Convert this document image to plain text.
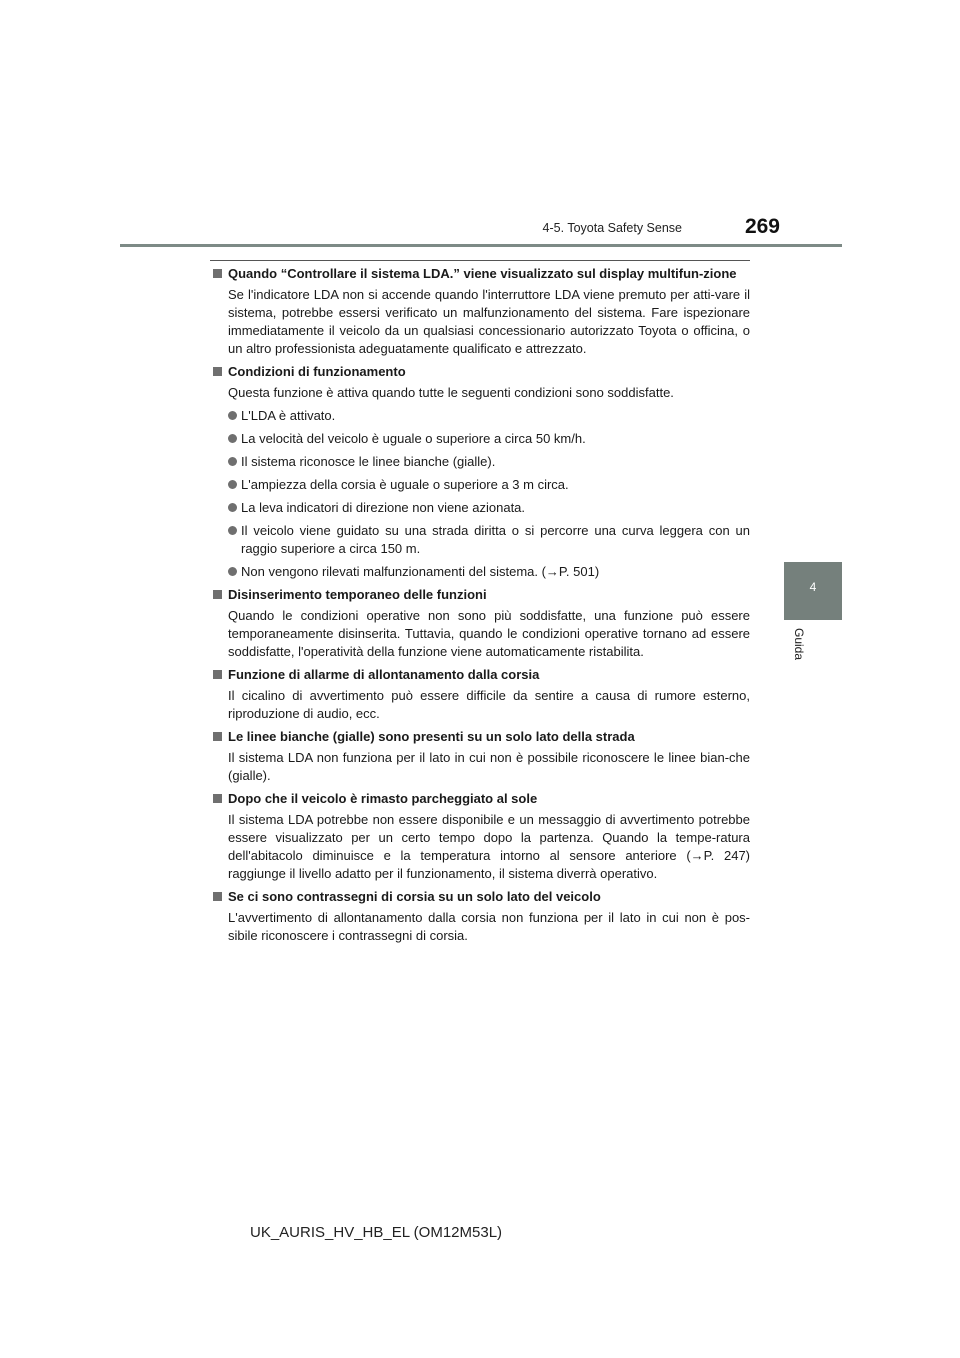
4-5. Toyota Safety Sense	269
4
Guida
Quando “Controllare il sistema LDA.” viene visualizzato sul display multifun-zione
Se l'indicatore LDA non si accende quando l'interruttore LDA viene premuto per atti-vare il sistema, potrebbe essersi verificato un malfunzionamento del sistema. Fare ispezionare immediatamente il veicolo da un qualsiasi concessionario autorizzato Toyota o officina, o un altro professionista adeguatamente qualificato e attrezzato.
Condizioni di funzionamento
Questa funzione è attiva quando tutte le seguenti condizioni sono soddisfatte.
L'LDA è attivato.
La velocità del veicolo è uguale o superiore a circa 50 km/h.
Il sistema riconosce le linee bianche (gialle).
L'ampiezza della corsia è uguale o superiore a 3 m circa.
La leva indicatori di direzione non viene azionata.
Il veicolo viene guidato su una strada diritta o si percorre una curva leggera con un raggio superiore a circa 150 m.
Non vengono rilevati malfunzionamenti del sistema. (→P. 501)
Disinserimento temporaneo delle funzioni
Quando le condizioni operative non sono più soddisfatte, una funzione può essere temporaneamente disinserita. Tuttavia, quando le condizioni operative tornano ad essere soddisfatte, l'operatività della funzione viene automaticamente ristabilita.
Funzione di allarme di allontanamento dalla corsia
Il cicalino di avvertimento può essere difficile da sentire a causa di rumore esterno, riproduzione di audio, ecc.
Le linee bianche (gialle) sono presenti su un solo lato della strada
Il sistema LDA non funziona per il lato in cui non è possibile riconoscere le linee bian-che (gialle).
Dopo che il veicolo è rimasto parcheggiato al sole
Il sistema LDA potrebbe non essere disponibile e un messaggio di avvertimento potrebbe essere visualizzato per un certo tempo dopo la partenza. Quando la tempe-ratura dell'abitacolo diminuisce e la temperatura intorno al sensore anteriore (→P. 247) raggiunge il livello adatto per il funzionamento, il sistema diverrà operativo.
Se ci sono contrassegni di corsia su un solo lato del veicolo
L'avvertimento di allontanamento dalla corsia non funziona per il lato in cui non è pos-sibile riconoscere i contrassegni di corsia.
UK_AURIS_HV_HB_EL (OM12M53L)
